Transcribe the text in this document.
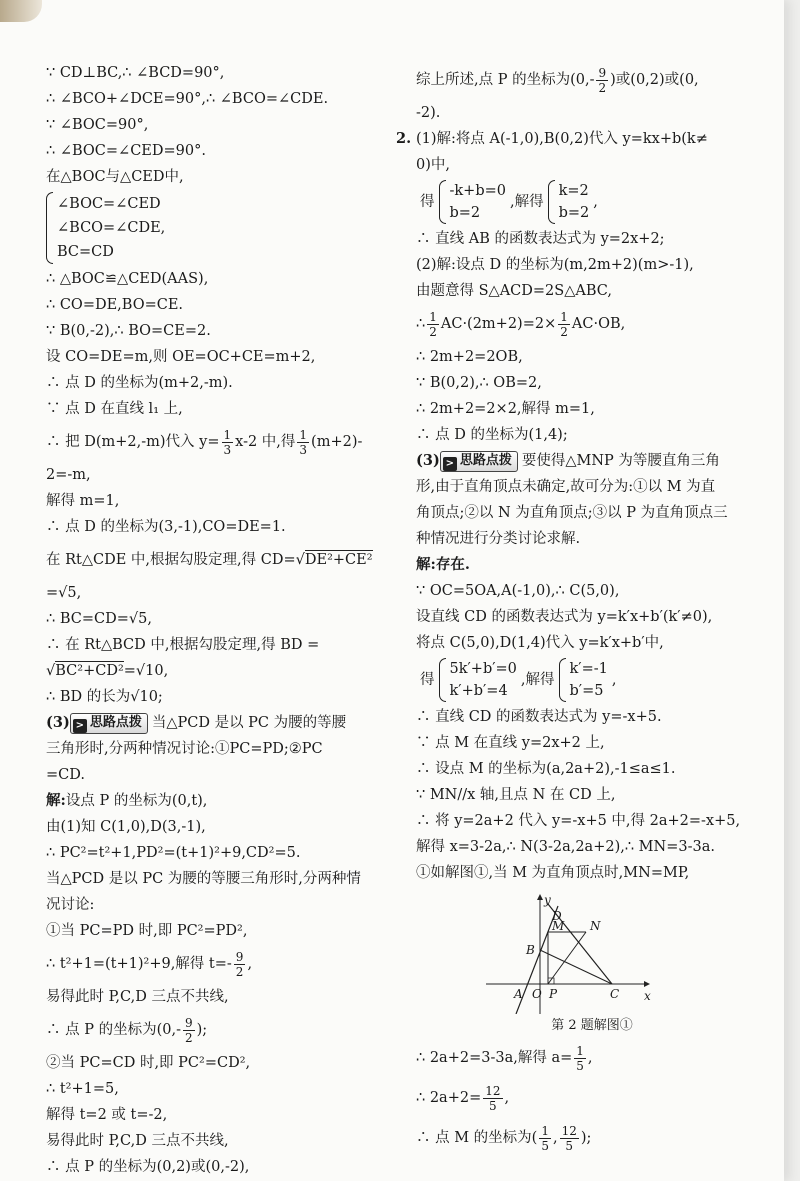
∵ CD⊥BC,∴ ∠BCD=90°,
∴ ∠BCO+∠DCE=90°,∴ ∠BCO=∠CDE.
∵ ∠BOC=90°,
∴ ∠BOC=∠CED=90°.
在△BOC与△CED中,
∠BOC=∠CED
∠BCO=∠CDE,
BC=CD
∴ △BOC≌△CED(AAS),
∴ CO=DE,BO=CE.
∵ B(0,-2),∴ BO=CE=2.
设 CO=DE=m,则 OE=OC+CE=m+2,
∴ 点 D 的坐标为(m+2,-m).
∵ 点 D 在直线 l₁ 上,
∴ 把 D(m+2,-m)代入 $y= \frac{1}{3} x-2$ 中,得 $\frac{1}{3} (m+2)-$
2=-m,
解得 m=1,
∴ 点 D 的坐标为(3,-1),CO=DE=1.
在 Rt△CDE 中,根据勾股定理,得 CD=√DE²+CE²
=√5,
∴ BC=CD=√5,
∴ 在 Rt△BCD 中,根据勾股定理,得 BD =
√BC²+CD²=√10,
∴ BD 的长为√10;
(3) > 思路点拨 当△PCD 是以 PC 为腰的等腰
三角形时,分两种情况讨论:①PC=PD;②PC
=CD.
解:设点 P 的坐标为(0,t),
由(1)知 C(1,0),D(3,-1),
∴ PC²=t²+1,PD²=(t+1)²+9,CD²=5.
当△PCD 是以 PC 为腰的等腰三角形时,分两种情
况讨论:
①当 PC=PD 时,即 PC²=PD²,
∴ t²+1=(t+1)²+9,解得 $t=- \frac{9}{2}$ ,
易得此时 P,C,D 三点不共线,
∴ 点 P 的坐标为($0,- \frac{9}{2}$ );
②当 PC=CD 时,即 PC²=CD²,
∴ t²+1=5,
解得 t=2 或 t=-2,
易得此时 P,C,D 三点不共线,
∴ 点 P 的坐标为(0,2)或(0,-2),
综上所述,点 P 的坐标为($0,- \frac{9}{2}$ )或(0,2)或(0,
-2).
2. (1)解:将点 A(-1,0),B(0,2)代入 y=kx+b(k≠
0)中,
得
-k+b=0
b=2
,解得
k=2
b=2
,
∴ 直线 AB 的函数表达式为 y=2x+2;
(2)解:设点 D 的坐标为(m,2m+2)(m>-1),
由题意得 S△ACD=2S△ABC,
∴ $\frac{1}{2} AC\cdot(2m+2)=2\times \frac{1}{2} AC\cdot OB$,
∴ 2m+2=2OB,
∵ B(0,2),∴ OB=2,
∴ 2m+2=2×2,解得 m=1,
∴ 点 D 的坐标为(1,4);
(3) > 思路点拨 要使得△MNP 为等腰直角三角
形,由于直角顶点未确定,故可分为:①以 M 为直
角顶点;②以 N 为直角顶点;③以 P 为直角顶点三
种情况进行分类讨论求解.
解:存在.
∵ OC=5OA,A(-1,0),∴ C(5,0),
设直线 CD 的函数表达式为 y=k′x+b′(k′≠0),
将点 C(5,0),D(1,4)代入 y=k′x+b′中,
得
5k′+b′=0
k′+b′=4
,解得
k′=-1
b′=5
,
∴ 直线 CD 的函数表达式为 y=-x+5.
∵ 点 M 在直线 y=2x+2 上,
∴ 设点 M 的坐标为(a,2a+2),-1≤a≤1.
∵ MN//x 轴,且点 N 在 CD 上,
∴ 将 y=2a+2 代入 y=-x+5 中,得 2a+2=-x+5,
解得 x=3-2a,∴ N(3-2a,2a+2),∴ MN=3-3a.
①如解图①,当 M 为直角顶点时,MN=MP,
y
x
D
M N
B
A O P	C
第 2 题解图①
∴ 2a+2=3-3a,解得 $a= \frac{1}{5}$ ,
∴ $2a+2= \frac{12}{5}$ ,
∴ 点 M 的坐标为( $\frac{1}{5}$ , $\frac{12}{5}$ );
